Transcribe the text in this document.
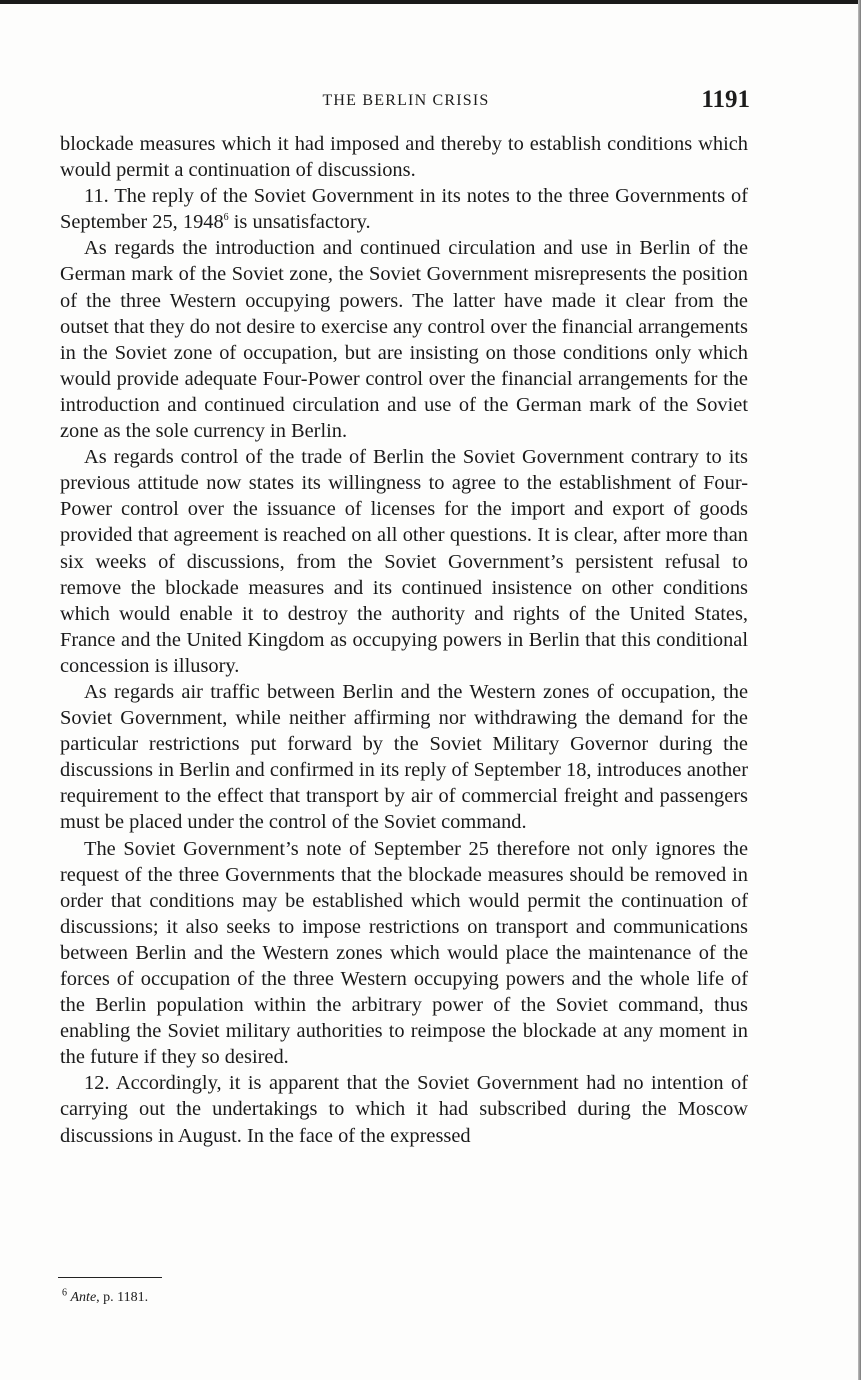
THE BERLIN CRISIS	1191

blockade measures which it had imposed and thereby to establish conditions which would permit a continuation of discussions.

11. The reply of the Soviet Government in its notes to the three Governments of September 25, 1948$^6$ is unsatisfactory.

As regards the introduction and continued circulation and use in Berlin of the German mark of the Soviet zone, the Soviet Government misrepresents the position of the three Western occupying powers. The latter have made it clear from the outset that they do not desire to exercise any control over the financial arrangements in the Soviet zone of occupation, but are insisting on those conditions only which would provide adequate Four-Power control over the financial arrangements for the introduction and continued circulation and use of the German mark of the Soviet zone as the sole currency in Berlin.

As regards control of the trade of Berlin the Soviet Government contrary to its previous attitude now states its willingness to agree to the establishment of Four-Power control over the issuance of licenses for the import and export of goods provided that agreement is reached on all other questions. It is clear, after more than six weeks of discussions, from the Soviet Government’s persistent refusal to remove the blockade measures and its continued insistence on other conditions which would enable it to destroy the authority and rights of the United States, France and the United Kingdom as occupying powers in Berlin that this conditional concession is illusory.

As regards air traffic between Berlin and the Western zones of occupation, the Soviet Government, while neither affirming nor withdrawing the demand for the particular restrictions put forward by the Soviet Military Governor during the discussions in Berlin and confirmed in its reply of September 18, introduces another requirement to the effect that transport by air of commercial freight and passengers must be placed under the control of the Soviet command.

The Soviet Government’s note of September 25 therefore not only ignores the request of the three Governments that the blockade measures should be removed in order that conditions may be established which would permit the continuation of discussions; it also seeks to impose restrictions on transport and communications between Berlin and the Western zones which would place the maintenance of the forces of occupation of the three Western occupying powers and the whole life of the Berlin population within the arbitrary power of the Soviet command, thus enabling the Soviet military authorities to reimpose the blockade at any moment in the future if they so desired.

12. Accordingly, it is apparent that the Soviet Government had no intention of carrying out the undertakings to which it had subscribed during the Moscow discussions in August. In the face of the expressed

$^6$ Ante, p. 1181.
